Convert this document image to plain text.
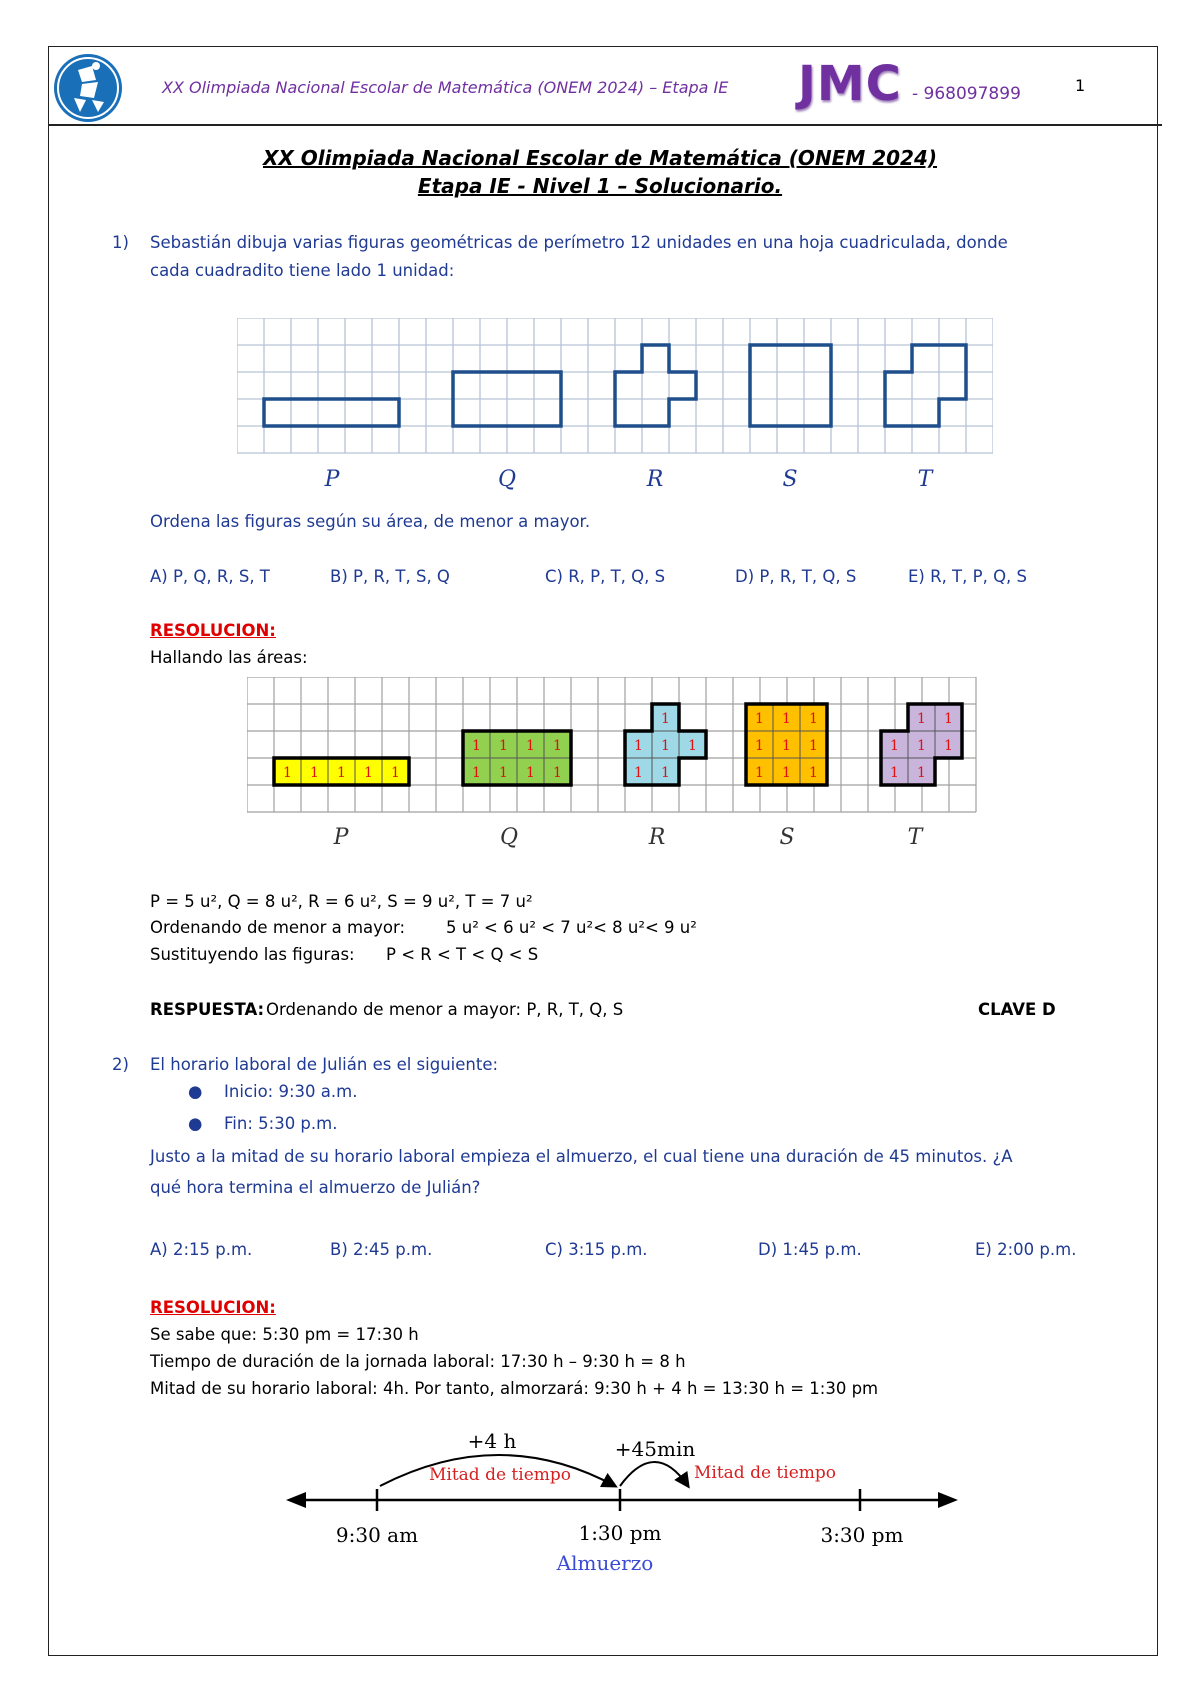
XX Olimpiada Nacional Escolar de Matemática (ONEM 2024) – Etapa IE JMC - 968097899	1
XX Olimpiada Nacional Escolar de Matemática (ONEM 2024)
Etapa IE - Nivel 1 – Solucionario.
1) Sebastián dibuja varias figuras geométricas de perímetro 12 unidades en una hoja cuadriculada, donde
cada cuadradito tiene lado 1 unidad:
P	Q	R	S	T
Ordena las figuras según su área, de menor a mayor.
A) P, Q, R, S, T	B) P, R, T, S, Q	C) R, P, T, Q, S	D) P, R, T, Q, S	E) R, T, P, Q, S
RESOLUCION:
Hallando las áreas:
1 1 1 1 1
1 1 1 1
1 1 1 1
1
1 1 1
1 1
1 1 1
1 1 1
1 1 1
1 1
1 1 1
1 1
P	Q	R	S	T
P = 5 u², Q = 8 u², R = 6 u², S = 9 u², T = 7 u²
Ordenando de menor a mayor: 5 u² < 6 u² < 7 u²< 8 u²< 9 u²
Sustituyendo las figuras: P < R < T < Q < S
RESPUESTA: Ordenando de menor a mayor: P, R, T, Q, S	CLAVE D
2) El horario laboral de Julián es el siguiente:
● Inicio: 9:30 a.m.
● Fin: 5:30 p.m.
Justo a la mitad de su horario laboral empieza el almuerzo, el cual tiene una duración de 45 minutos. ¿A
qué hora termina el almuerzo de Julián?
A) 2:15 p.m.	B) 2:45 p.m.	C) 3:15 p.m.	D) 1:45 p.m.	E) 2:00 p.m.
RESOLUCION:
Se sabe que: 5:30 pm = 17:30 h
Tiempo de duración de la jornada laboral: 17:30 h – 9:30 h = 8 h
Mitad de su horario laboral: 4h. Por tanto, almorzará: 9:30 h + 4 h = 13:30 h = 1:30 pm
+4 h	+45min
Mitad de tiempo	Mitad de tiempo
9:30 am	1:30 pm	3:30 pm
Almuerzo
